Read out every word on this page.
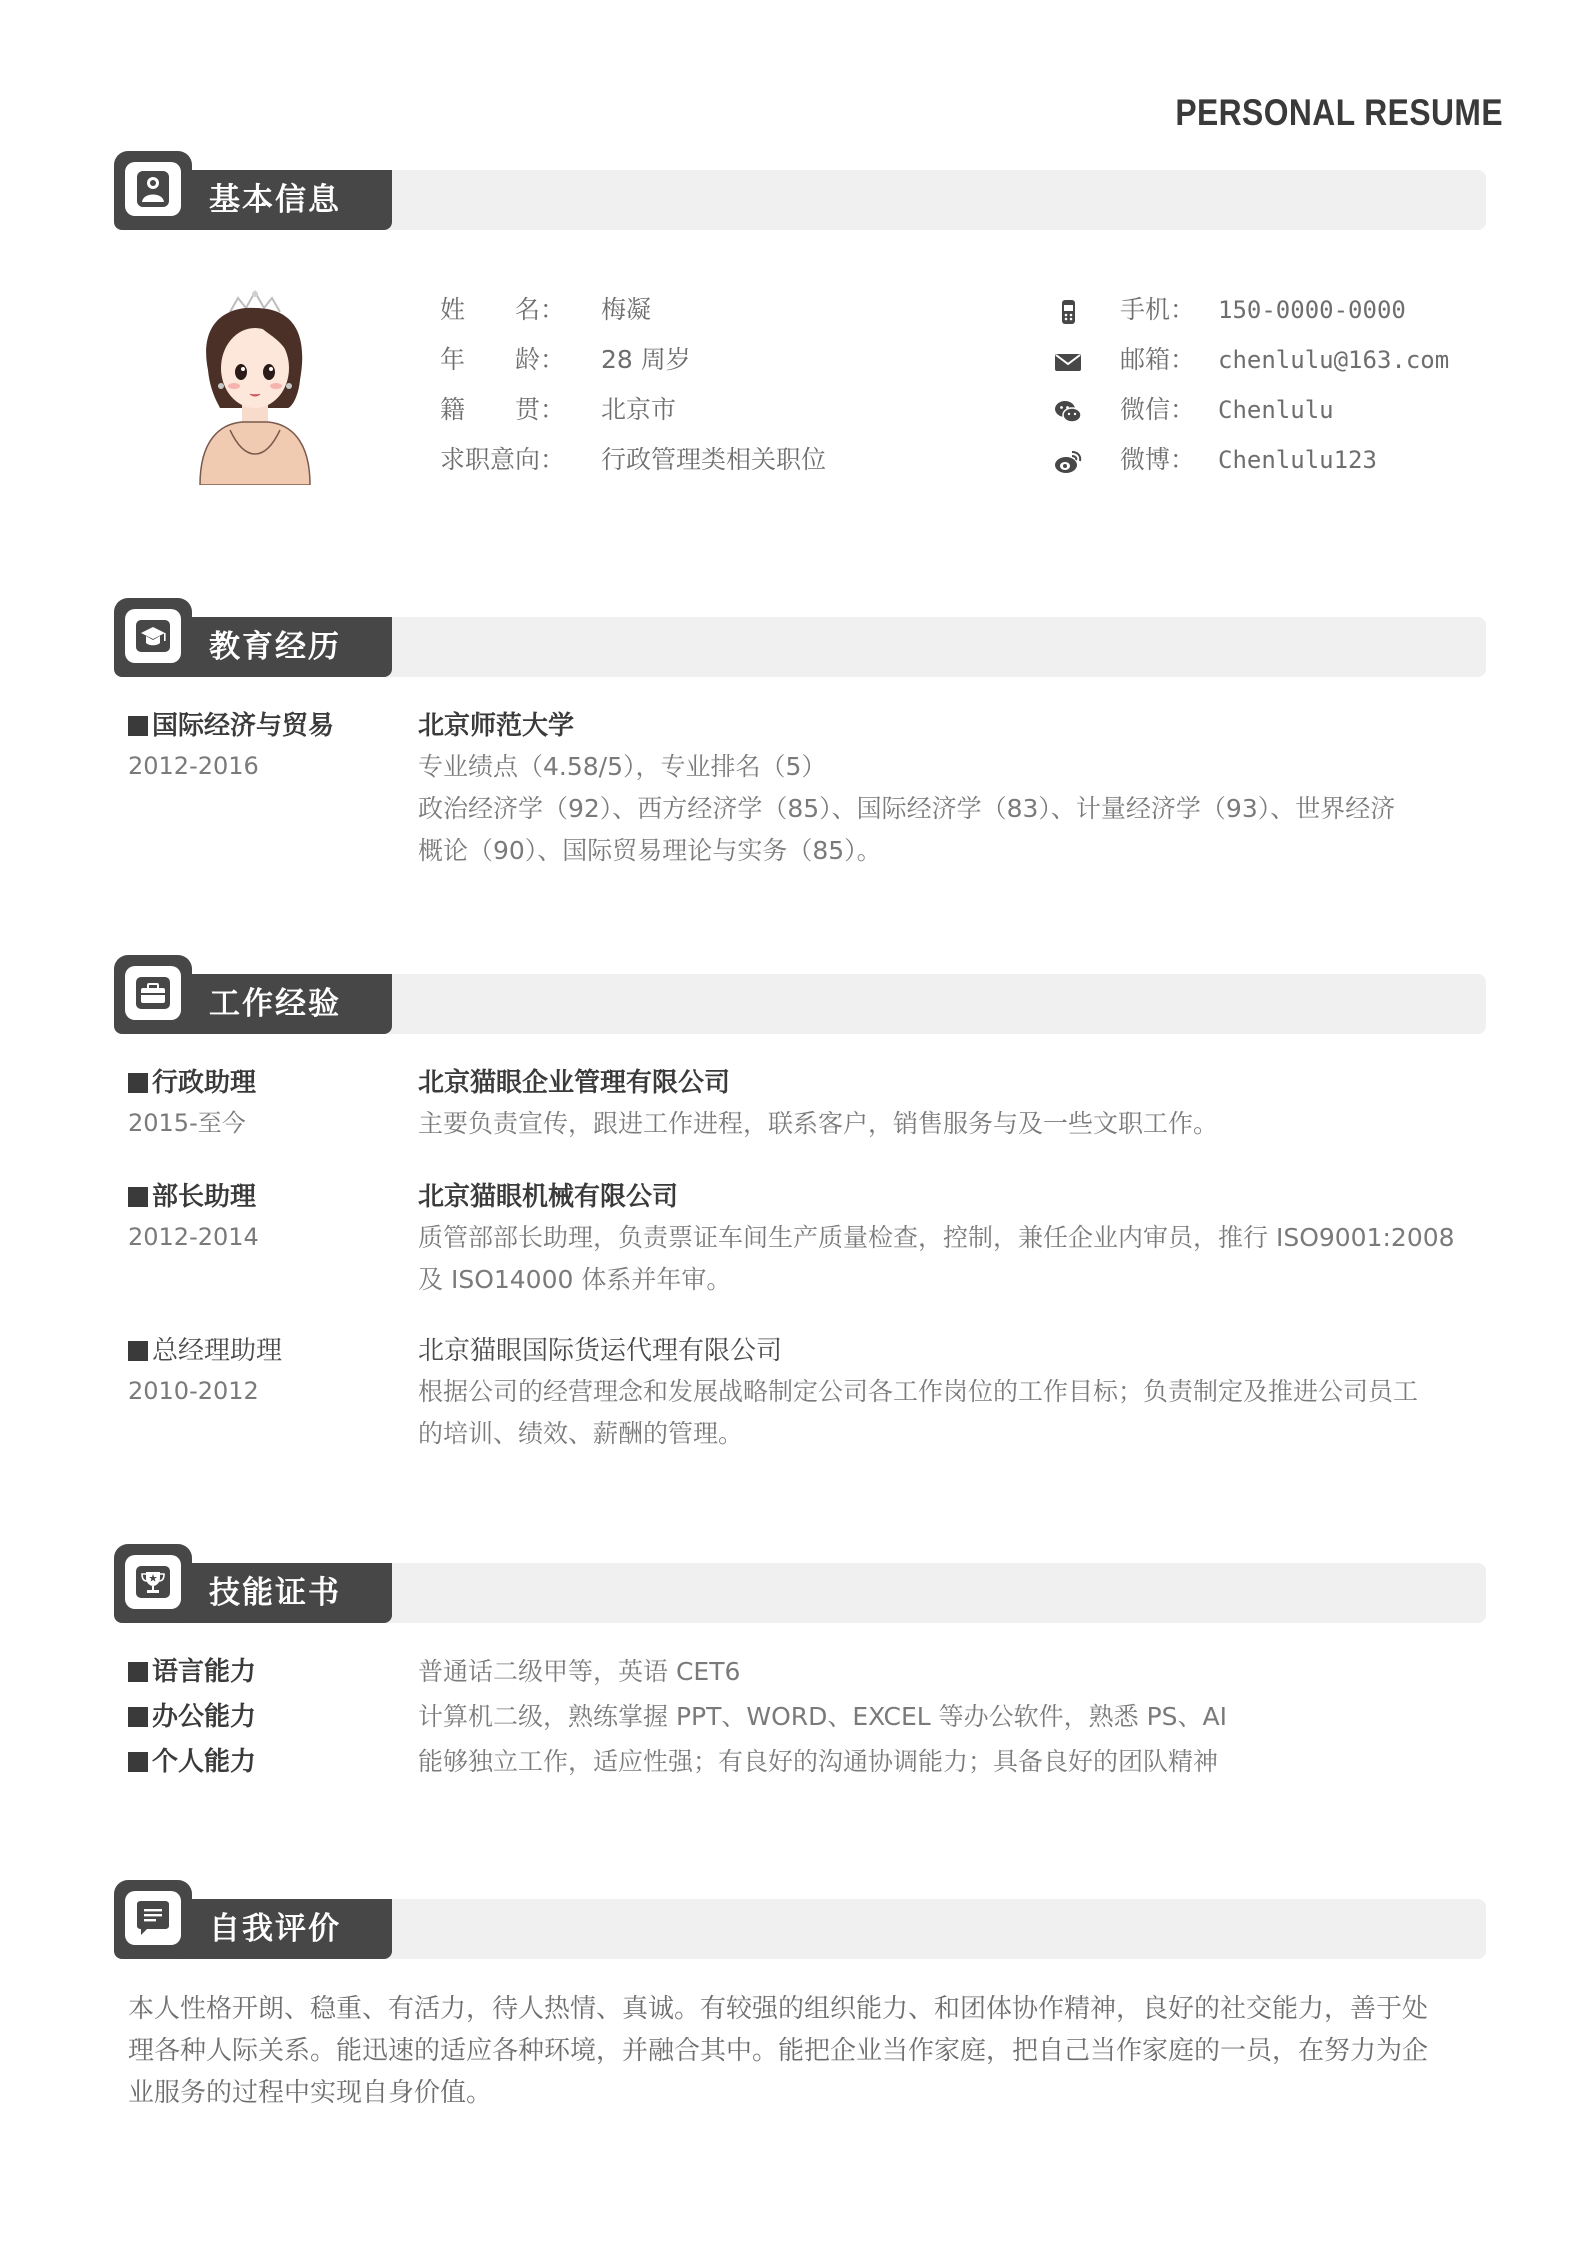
PERSONAL RESUME
基本信息
姓　　名： 梅凝
年　　龄： 28 周岁
籍　　贯： 北京市
求职意向： 行政管理类相关职位
手机： 150-0000-0000
邮箱： chenlulu@163.com
微信： Chenlulu
微博： Chenlulu123
教育经历
国际经济与贸易
2012-2016
北京师范大学
专业绩点（4.58/5），专业排名（5）
政治经济学（92）、西方经济学（85）、国际经济学（83）、计量经济学（93）、世界经济
概论（90）、国际贸易理论与实务（85）。
工作经验
行政助理
2015-至今
北京猫眼企业管理有限公司
主要负责宣传，跟进工作进程，联系客户，销售服务与及一些文职工作。
部长助理
2012-2014
北京猫眼机械有限公司
质管部部长助理，负责票证车间生产质量检查，控制，兼任企业内审员，推行 ISO9001:2008
及 ISO14000 体系并年审。
总经理助理
2010-2012
北京猫眼国际货运代理有限公司
根据公司的经营理念和发展战略制定公司各工作岗位的工作目标；负责制定及推进公司员工
的培训、绩效、薪酬的管理。
技能证书
语言能力	普通话二级甲等，英语 CET6
办公能力	计算机二级，熟练掌握 PPT、WORD、EXCEL 等办公软件，熟悉 PS、AI
个人能力	能够独立工作，适应性强；有良好的沟通协调能力；具备良好的团队精神
自我评价
本人性格开朗、稳重、有活力，待人热情、真诚。有较强的组织能力、和团体协作精神，良好的社交能力，善于处
理各种人际关系。能迅速的适应各种环境，并融合其中。能把企业当作家庭，把自己当作家庭的一员，在努力为企
业服务的过程中实现自身价值。
